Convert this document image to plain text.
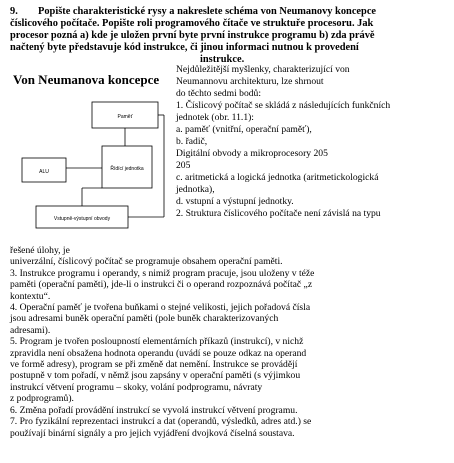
9. Popište charakteristické rysy a nakreslete schéma von Neumanovy koncepce
číslicového počítače. Popište roli programového čítače ve struktuře procesoru. Jak
procesor pozná a) kde je uložen první byte první instrukce programu b) zda právě
načtený byte představuje kód instrukce, či jinou informaci nutnou k provedení
instrukce.
Von Neumanova koncepce
Paměť
Řídící jednotka
ALU
Vstupně-výstupní obvody
Nejdůležitější myšlenky, charakterizující von
Neumannovu architekturu, lze shrnout
do těchto sedmi bodů:
1. Číslicový počítač se skládá z následujících funkčních
jednotek (obr. 11.1):
a. paměť (vnitřní, operační paměť),
b. řadič,
Digitální obvody a mikroprocesory 205
205
c. aritmetická a logická jednotka (aritmetickologická
jednotka),
d. vstupní a výstupní jednotky.
2. Struktura číslicového počítače není závislá na typu
řešené úlohy, je
univerzální, číslicový počítač se programuje obsahem operační paměti.
3. Instrukce programu i operandy, s nimiž program pracuje, jsou uloženy v téže
paměti (operační paměti), jde-li o instrukci či o operand rozpoznává počítač „z
kontextu“.
4. Operační paměť je tvořena buňkami o stejné velikosti, jejich pořadová čísla
jsou adresami buněk operační paměti (pole buněk charakterizovaných
adresami).
5. Program je tvořen posloupností elementárních příkazů (instrukcí), v nichž
zpravidla není obsažena hodnota operandu (uvádí se pouze odkaz na operand
ve formě adresy), program se při změně dat nemění. Instrukce se provádějí
postupně v tom pořadí, v němž jsou zapsány v operační paměti (s výjimkou
instrukcí větvení programu – skoky, volání podprogramu, návraty
z podprogramů).
6. Změna pořadí provádění instrukcí se vyvolá instrukcí větvení programu.
7. Pro fyzikální reprezentaci instrukcí a dat (operandů, výsledků, adres atd.) se
používají binární signály a pro jejich vyjádření dvojková číselná soustava.
